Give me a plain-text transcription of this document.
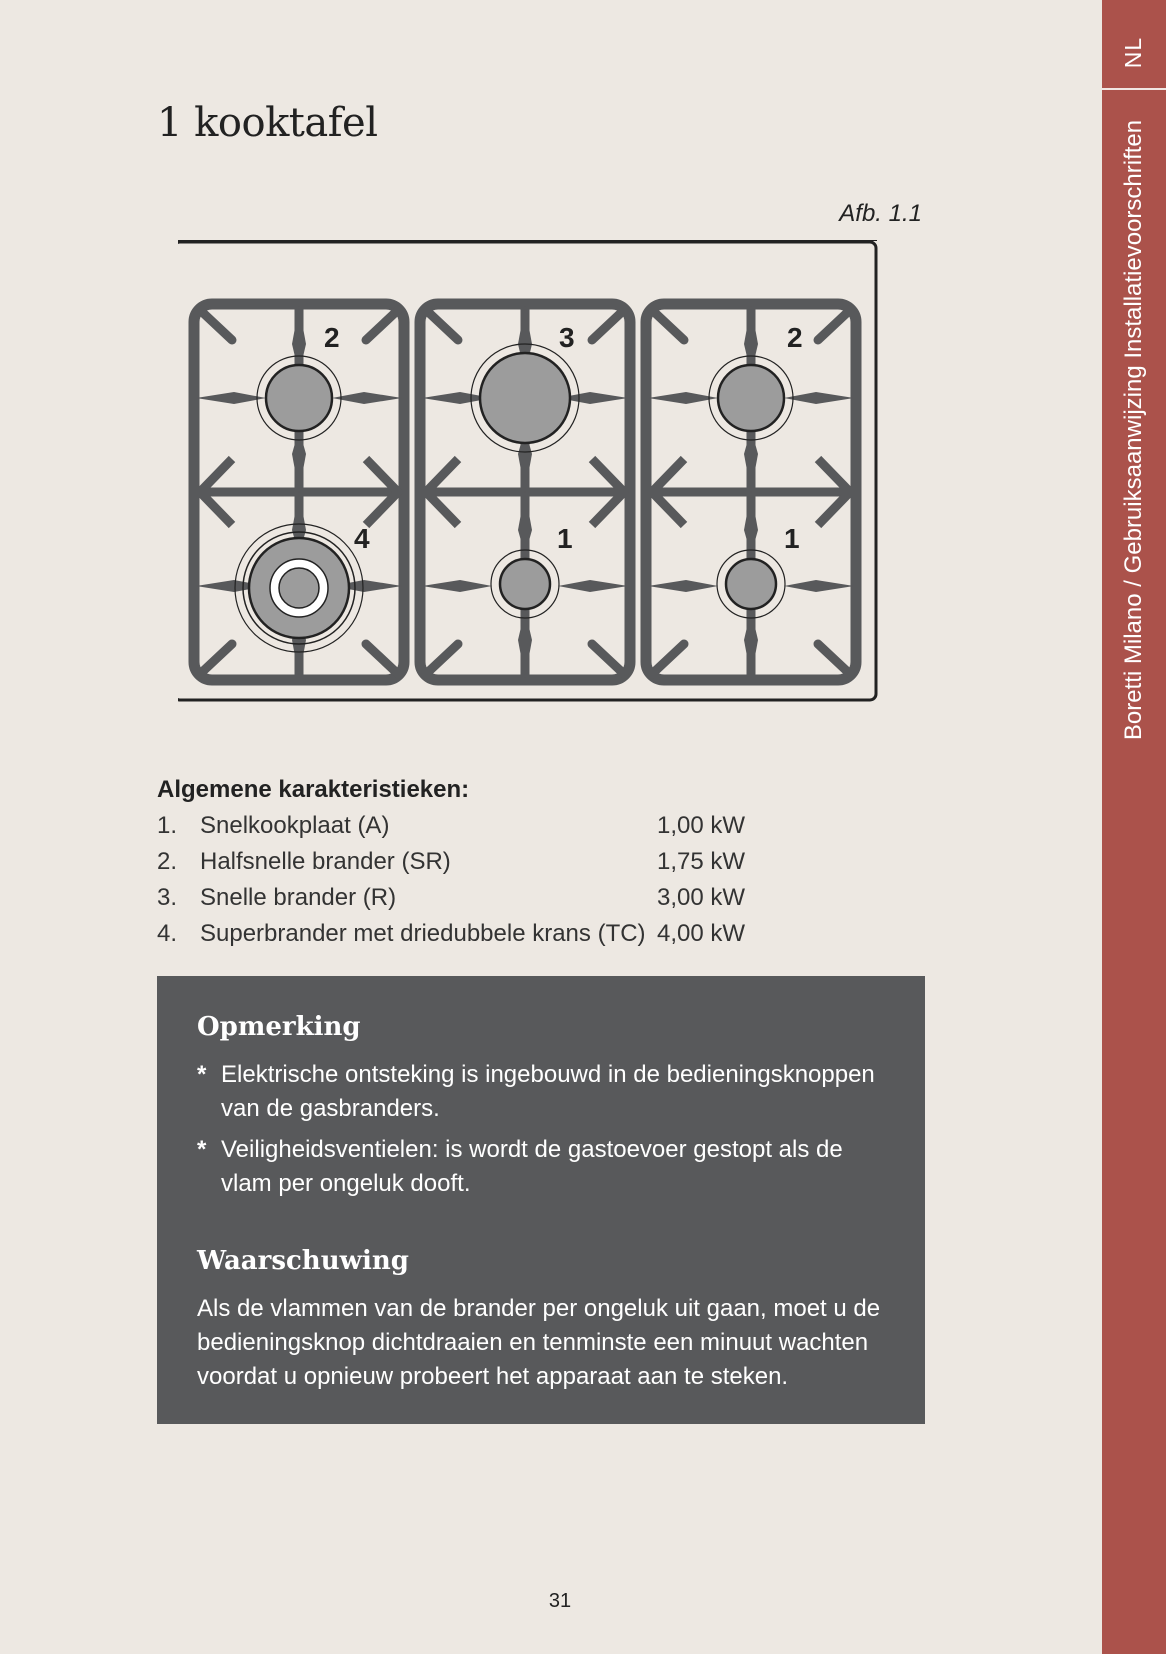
NL
Boretti Milano / Gebruiksaanwijzing Installatievoorschriften
1 kooktafel
Afb. 1.1
2
4
3
1
2
1
Algemene karakteristieken:
1. Snelkookplaat (A)	1,00 kW
2. Halfsnelle brander (SR)	1,75 kW
3. Snelle brander (R)	3,00 kW
4. Superbrander met driedubbele krans (TC) 4,00 kW
Opmerking
* Elektrische ontsteking is ingebouwd in de bedieningsknoppen van de gasbranders.
* Veiligheidsventielen: is wordt de gastoevoer gestopt als de vlam per ongeluk dooft.
Waarschuwing
Als de vlammen van de brander per ongeluk uit gaan, moet u de bedieningsknop dichtdraaien en tenminste een minuut wachten voordat u opnieuw probeert het apparaat aan te steken.
31
